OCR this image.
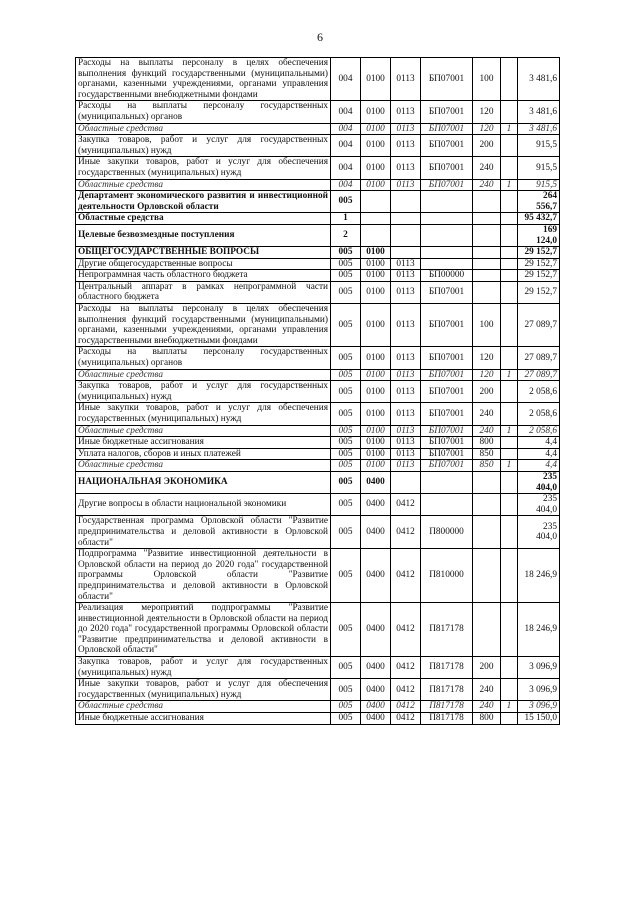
6
Расходы на выплаты персоналу в целях обеспечения выполнения функций государственными (муниципальными) органами, казенными учреждениями, органами управления государственными внебюджетными фондами	004	0100	0113	БП07001	100		3 481,6
Расходы на выплаты персоналу государственных (муниципальных) органов	004	0100	0113	БП07001	120		3 481,6
Областные средства	004	0100	0113	БП07001	120	1	3 481,6
Закупка товаров, работ и услуг для государственных (муниципальных) нужд	004	0100	0113	БП07001	200		915,5
Иные закупки товаров, работ и услуг для обеспечения государственных (муниципальных) нужд	004	0100	0113	БП07001	240		915,5
Областные средства	004	0100	0113	БП07001	240	1	915,5
Департамент экономического развития и инвестиционной деятельности Орловской области	005						264 556,7
Областные средства	1						95 432,7
Целевые безвозмездные поступления	2						169 124,0
ОБЩЕГОСУДАРСТВЕННЫЕ ВОПРОСЫ	005	0100					29 152,7
Другие общегосударственные вопросы	005	0100	0113				29 152,7
Непрограммная часть областного бюджета	005	0100	0113	БП00000			29 152,7
Центральный аппарат в рамках непрограммной части областного бюджета	005	0100	0113	БП07001			29 152,7
Расходы на выплаты персоналу в целях обеспечения выполнения функций государственными (муниципальными) органами, казенными учреждениями, органами управления государственными внебюджетными фондами	005	0100	0113	БП07001	100		27 089,7
Расходы на выплаты персоналу государственных (муниципальных) органов	005	0100	0113	БП07001	120		27 089,7
Областные средства	005	0100	0113	БП07001	120	1	27 089,7
Закупка товаров, работ и услуг для государственных (муниципальных) нужд	005	0100	0113	БП07001	200		2 058,6
Иные закупки товаров, работ и услуг для обеспечения государственных (муниципальных) нужд	005	0100	0113	БП07001	240		2 058,6
Областные средства	005	0100	0113	БП07001	240	1	2 058,6
Иные бюджетные ассигнования	005	0100	0113	БП07001	800		4,4
Уплата налогов, сборов и иных платежей	005	0100	0113	БП07001	850		4,4
Областные средства	005	0100	0113	БП07001	850	1	4,4
НАЦИОНАЛЬНАЯ ЭКОНОМИКА	005	0400					235 404,0
Другие вопросы в области национальной экономики	005	0400	0412				235 404,0
Государственная программа Орловской области "Развитие предпринимательства и деловой активности в Орловской области"	005	0400	0412	П800000			235 404,0
Подпрограмма "Развитие инвестиционной деятельности в Орловской области на период до 2020 года" государственной программы Орловской области "Развитие предпринимательства и деловой активности в Орловской области"	005	0400	0412	П810000			18 246,9
Реализация мероприятий подпрограммы "Развитие инвестиционной деятельности в Орловской области на период до 2020 года" государственной программы Орловской области "Развитие предпринимательства и деловой активности в Орловской области"	005	0400	0412	П817178			18 246,9
Закупка товаров, работ и услуг для государственных (муниципальных) нужд	005	0400	0412	П817178	200		3 096,9
Иные закупки товаров, работ и услуг для обеспечения государственных (муниципальных) нужд	005	0400	0412	П817178	240		3 096,9
Областные средства	005	0400	0412	П817178	240	1	3 096,9
Иные бюджетные ассигнования	005	0400	0412	П817178	800		15 150,0
